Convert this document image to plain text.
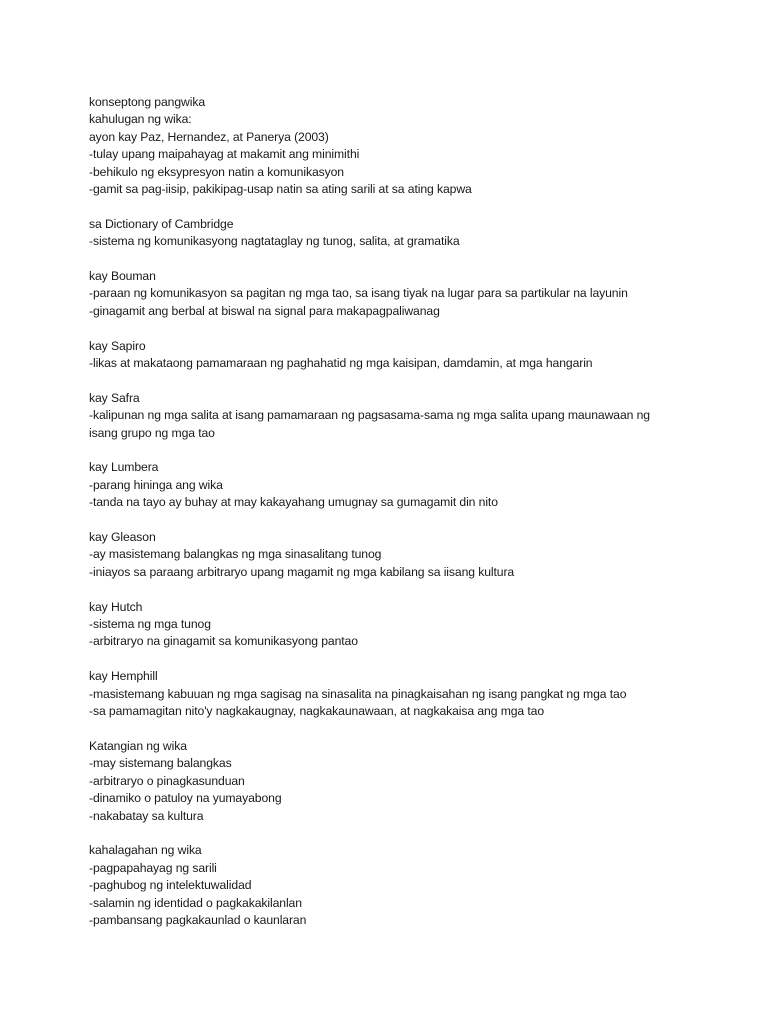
konseptong pangwika
kahulugan ng wika:
ayon kay Paz, Hernandez, at Panerya (2003)
-tulay upang maipahayag at makamit ang minimithi
-behikulo ng eksypresyon natin a komunikasyon
-gamit sa pag-iisip, pakikipag-usap natin sa ating sarili at sa ating kapwa
sa Dictionary of Cambridge
-sistema ng komunikasyong nagtataglay ng tunog, salita, at gramatika
kay Bouman
-paraan ng komunikasyon sa pagitan ng mga tao, sa isang tiyak na lugar para sa partikular na layunin
-ginagamit ang berbal at biswal na signal para makapagpaliwanag
kay Sapiro
-likas at makataong pamamaraan ng paghahatid ng mga kaisipan, damdamin, at mga hangarin
kay Safra
-kalipunan ng mga salita at isang pamamaraan ng pagsasama-sama ng mga salita upang maunawaan ng
isang grupo ng mga tao
kay Lumbera
-parang hininga ang wika
-tanda na tayo ay buhay at may kakayahang umugnay sa gumagamit din nito
kay Gleason
-ay masistemang balangkas ng mga sinasalitang tunog
-iniayos sa paraang arbitraryo upang magamit ng mga kabilang sa iisang kultura
kay Hutch
-sistema ng mga tunog
-arbitraryo na ginagamit sa komunikasyong pantao
kay Hemphill
-masistemang kabuuan ng mga sagisag na sinasalita na pinagkaisahan ng isang pangkat ng mga tao
-sa pamamagitan nito'y nagkakaugnay, nagkakaunawaan, at nagkakaisa ang mga tao
Katangian ng wika
-may sistemang balangkas
-arbitraryo o pinagkasunduan
-dinamiko o patuloy na yumayabong
-nakabatay sa kultura
kahalagahan ng wika
-pagpapahayag ng sarili
-paghubog ng intelektuwalidad
-salamin ng identidad o pagkakakilanlan
-pambansang pagkakaunlad o kaunlaran
